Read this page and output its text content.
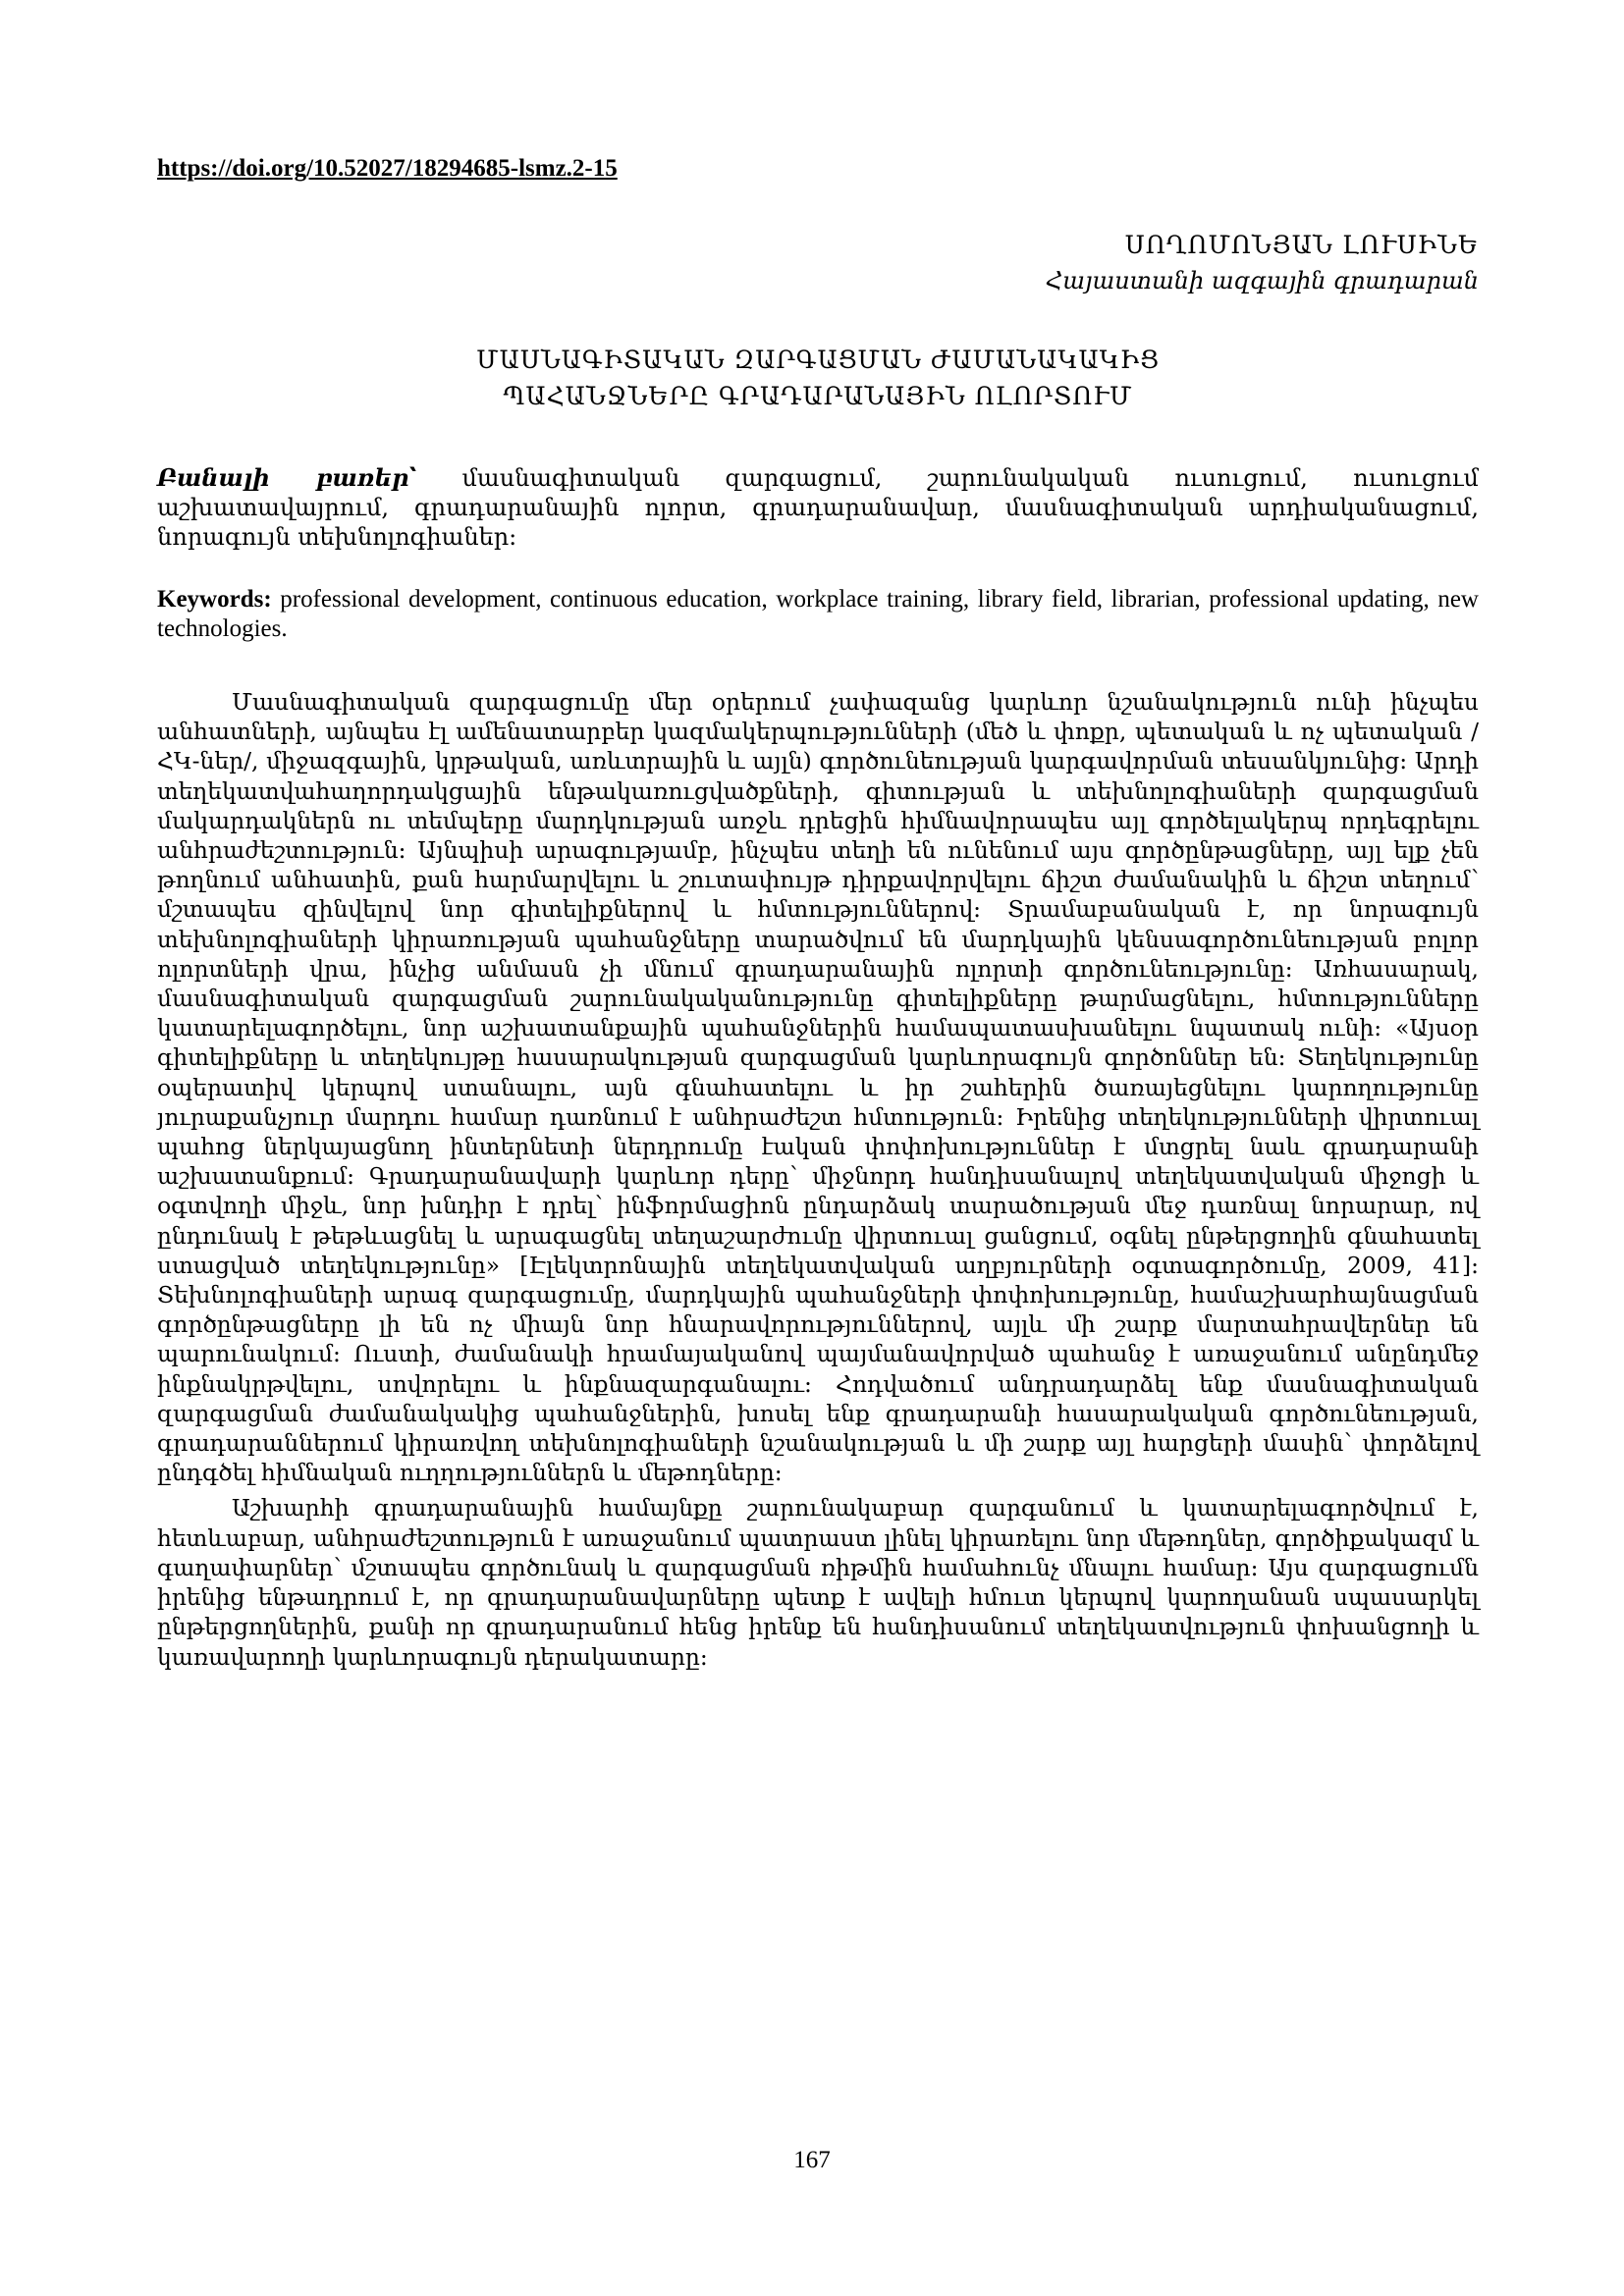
https://doi.org/10.52027/18294685-lsmz.2-15
ՍՈՂՈՄՈՆՅԱՆ ԼՈՒՍԻՆԵ
Հայաստանի ազգային գրադարան
ՄԱՍՆԱԳԻՏԱԿԱՆ ԶԱՐԳԱՑՄԱՆ ԺԱՄԱՆԱԿԱԿԻՑ
ՊԱՀԱՆՋՆԵՐԸ ԳՐԱԴԱՐԱՆԱՅԻՆ ՈԼՈՐՏՈՒՄ
Բանալի բառեր՝ մասնագիտական զարգացում, շարունակական ուսուցում, ուսուցում աշխատավայրում, գրադարանային ոլորտ, գրադարանավար, մասնագիտական արդիականացում, նորագույն տեխնոլոգիաներ:
Keywords: professional development, continuous education, workplace training, library field, librarian, professional updating, new technologies.

Մասնագիտական զարգացումը մեր օրերում չափազանց կարևոր նշանակություն ունի ինչպես անհատների, այնպես էլ ամենատարբեր կազմակերպությունների (մեծ և փոքր, պետական և ոչ պետական /ՀԿ-ներ/, միջազգային, կրթական, առևտրային և այլն) գործունեության կարգավորման տեսանկյունից: Արդի տեղեկատվահաղորդակցային ենթակառուցվածքների, գիտության և տեխնոլոգիաների զարգացման մակարդակներն ու տեմպերը մարդկության առջև դրեցին հիմնավորապես այլ գործելակերպ որդեգրելու անհրաժեշտություն: Այնպիսի արագությամբ, ինչպես տեղի են ունենում այս գործընթացները, այլ ելք չեն թողնում անհատին, քան հարմարվելու և շուտափույթ դիրքավորվելու ճիշտ ժամանակին և ճիշտ տեղում՝ մշտապես զինվելով նոր գիտելիքներով և հմտություններով: Տրամաբանական է, որ նորագույն տեխնոլոգիաների կիրառության պահանջները տարածվում են մարդկային կենսագործունեության բոլոր ոլորտների վրա, ինչից անմասն չի մնում գրադարանային ոլորտի գործունեությունը: Առհասարակ, մասնագիտական զարգացման շարունակականությունը գիտելիքները թարմացնելու, հմտությունները կատարելագործելու, նոր աշխատանքային պահանջներին համապատասխանելու նպատակ ունի: «Այսօր գիտելիքները և տեղեկույթը հասարակության զարգացման կարևորագույն գործոններ են: Տեղեկությունը օպերատիվ կերպով ստանալու, այն գնահատելու և իր շահերին ծառայեցնելու կարողությունը յուրաքանչյուր մարդու համար դառնում է անհրաժեշտ հմտություն: Իրենից տեղեկությունների վիրտուալ պահոց ներկայացնող ինտերնետի ներդրումը էական փոփոխություններ է մտցրել նաև գրադարանի աշխատանքում: Գրադարանավարի կարևոր դերը՝ միջնորդ հանդիսանալով տեղեկատվական միջոցի և օգտվողի միջև, նոր խնդիր է դրել՝ ինֆորմացիոն ընդարձակ տարածության մեջ դառնալ նորարար, ով ընդունակ է թեթևացնել և արագացնել տեղաշարժումը վիրտուալ ցանցում, օգնել ընթերցողին գնահատել ստացված տեղեկությունը» [Էլեկտրոնային տեղեկատվական աղբյուրների օգտագործումը, 2009, 41]: Տեխնոլոգիաների արագ զարգացումը, մարդկային պահանջների փոփոխությունը, համաշխարհայնացման գործընթացները լի են ոչ միայն նոր հնարավորություններով, այլև մի շարք մարտահրավերներ են պարունակում: Ուստի, ժամանակի հրամայականով պայմանավորված պահանջ է առաջանում անընդմեջ ինքնակրթվելու, սովորելու և ինքնազարգանալու: Հոդվածում անդրադարձել ենք մասնագիտական զարգացման ժամանակակից պահանջներին, խոսել ենք գրադարանի հասարակական գործունեության, գրադարաններում կիրառվող տեխնոլոգիաների նշանակության և մի շարք այլ հարցերի մասին՝ փորձելով ընդգծել հիմնական ուղղություններն և մեթոդները:

Աշխարհի գրադարանային համայնքը շարունակաբար զարգանում և կատարելագործվում է, հետևաբար, անհրաժեշտություն է առաջանում պատրաստ լինել կիրառելու նոր մեթոդներ, գործիքակազմ և գաղափարներ՝ մշտապես գործունակ և զարգացման ռիթմին համահունչ մնալու համար: Այս զարգացումն իրենից ենթադրում է, որ գրադարանավարները պետք է ավելի հմուտ կերպով կարողանան սպասարկել ընթերցողներին, քանի որ գրադարանում հենց իրենք են հանդիսանում տեղեկատվություն փոխանցողի և կառավարողի կարևորագույն դերակատարը:

167
